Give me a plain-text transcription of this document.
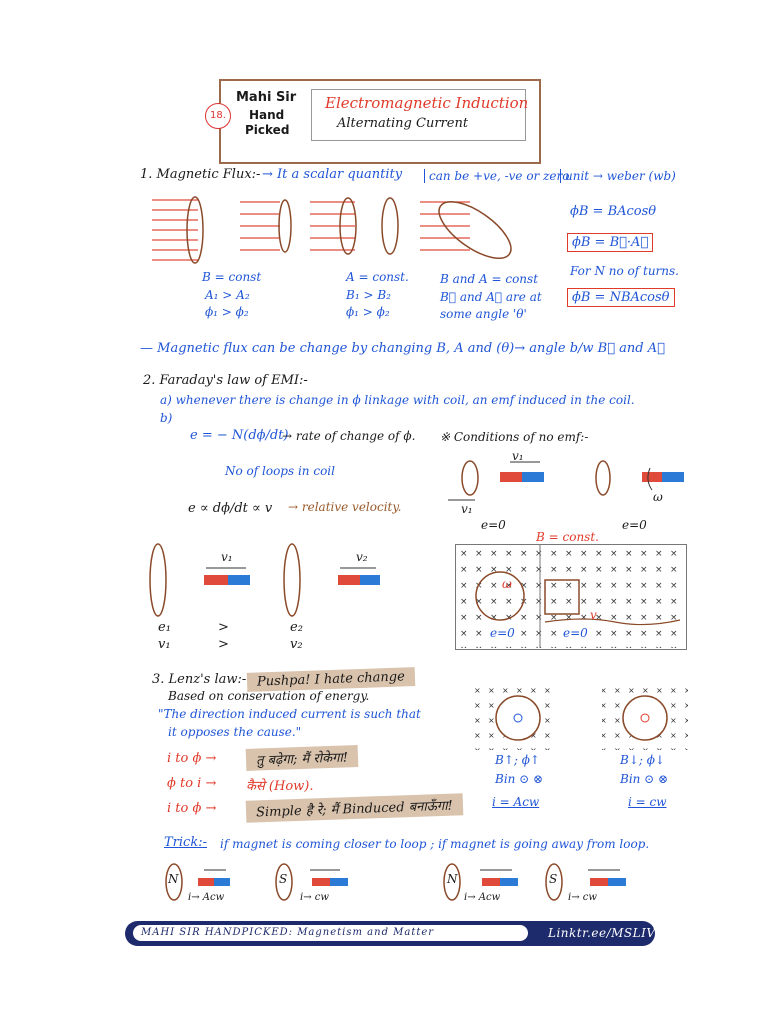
18.
Mahi Sir
Hand
Picked
Electromagnetic Induction
Alternating Current
1. Magnetic Flux:- → It a scalar quantity	can be +ve, -ve or zero
unit → weber (wb)
B = const
A₁ > A₂
ϕ₁ > ϕ₂
A = const.
B₁ > B₂
ϕ₁ > ϕ₂
B and A = const
B⃗ and A⃗ are at
some angle 'θ'
ϕB = BAcosθ
ϕB = B⃗·A⃗
For N no of turns.
ϕB = NBAcosθ
— Magnetic flux can be change by changing B, A and (θ)→ angle b/w B⃗ and A⃗
2. Faraday's law of EMI:-
a) whenever there is change in ϕ linkage with coil, an emf induced in the coil.
b)
e = − N(dϕ/dt)
→ rate of change of ϕ.
No of loops in coil
e ∝ dϕ/dt ∝ v → relative velocity.
※ Conditions of no emf:-
v₁
v₁
ω
e=0	e=0
v₁	v₂
e₁	>	e₂
v₁	>	v₂
B = const.
ω
v
e=0	e=0
3. Lenz's law:- Pushpa! I hate change
Based on conservation of energy.
"The direction induced current is such that
it opposes the cause."
i to ϕ →	तु बढ़ेगा; मैं रोकेगा!
ϕ to i → कैसे (How).
i to ϕ →	Simple है रे; मैं Binduced बनाऊँगा!
B↑; ϕ↑
Bin ⊙ ⊗
i = Acw
B↓; ϕ↓
Bin ⊙ ⊗
i = cw
Trick:- if magnet is coming closer to loop ; if magnet is going away from loop.
N	S	N	S
i→ Acw	i→ cw	i→ Acw	i→ cw
MAHI SIR HANDPICKED: Magnetism and Matter	Linktr.ee/MSLIVE
